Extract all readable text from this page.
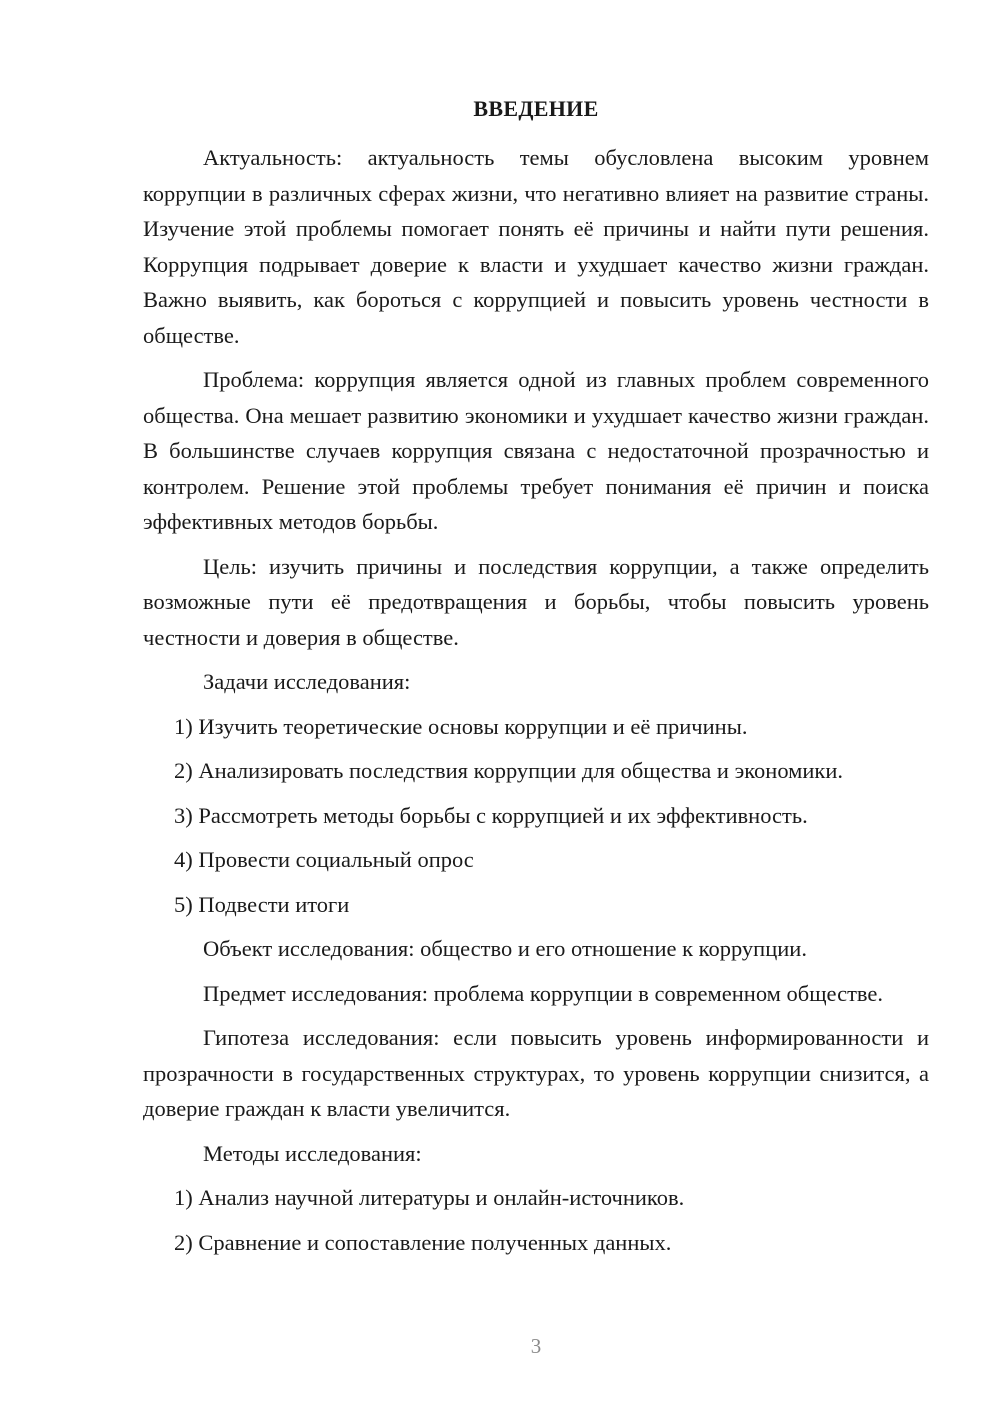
ВВЕДЕНИЕ

Актуальность: актуальность темы обусловлена высоким уровнем коррупции в различных сферах жизни, что негативно влияет на развитие страны. Изучение этой проблемы помогает понять её причины и найти пути решения. Коррупция подрывает доверие к власти и ухудшает качество жизни граждан. Важно выявить, как бороться с коррупцией и повысить уровень честности в обществе.

Проблема: коррупция является одной из главных проблем современного общества. Она мешает развитию экономики и ухудшает качество жизни граждан. В большинстве случаев коррупция связана с недостаточной прозрачностью и контролем. Решение этой проблемы требует понимания её причин и поиска эффективных методов борьбы.

Цель: изучить причины и последствия коррупции, а также определить возможные пути её предотвращения и борьбы, чтобы повысить уровень честности и доверия в обществе.

Задачи исследования:

1) Изучить теоретические основы коррупции и её причины.

2) Анализировать последствия коррупции для общества и экономики.

3) Рассмотреть методы борьбы с коррупцией и их эффективность.

4) Провести социальный опрос

5) Подвести итоги

Объект исследования: общество и его отношение к коррупции.

Предмет исследования: проблема коррупции в современном обществе.

Гипотеза исследования: если повысить уровень информированности и прозрачности в государственных структурах, то уровень коррупции снизится, а доверие граждан к власти увеличится.

Методы исследования:

1) Анализ научной литературы и онлайн-источников.

2) Сравнение и сопоставление полученных данных.

3
